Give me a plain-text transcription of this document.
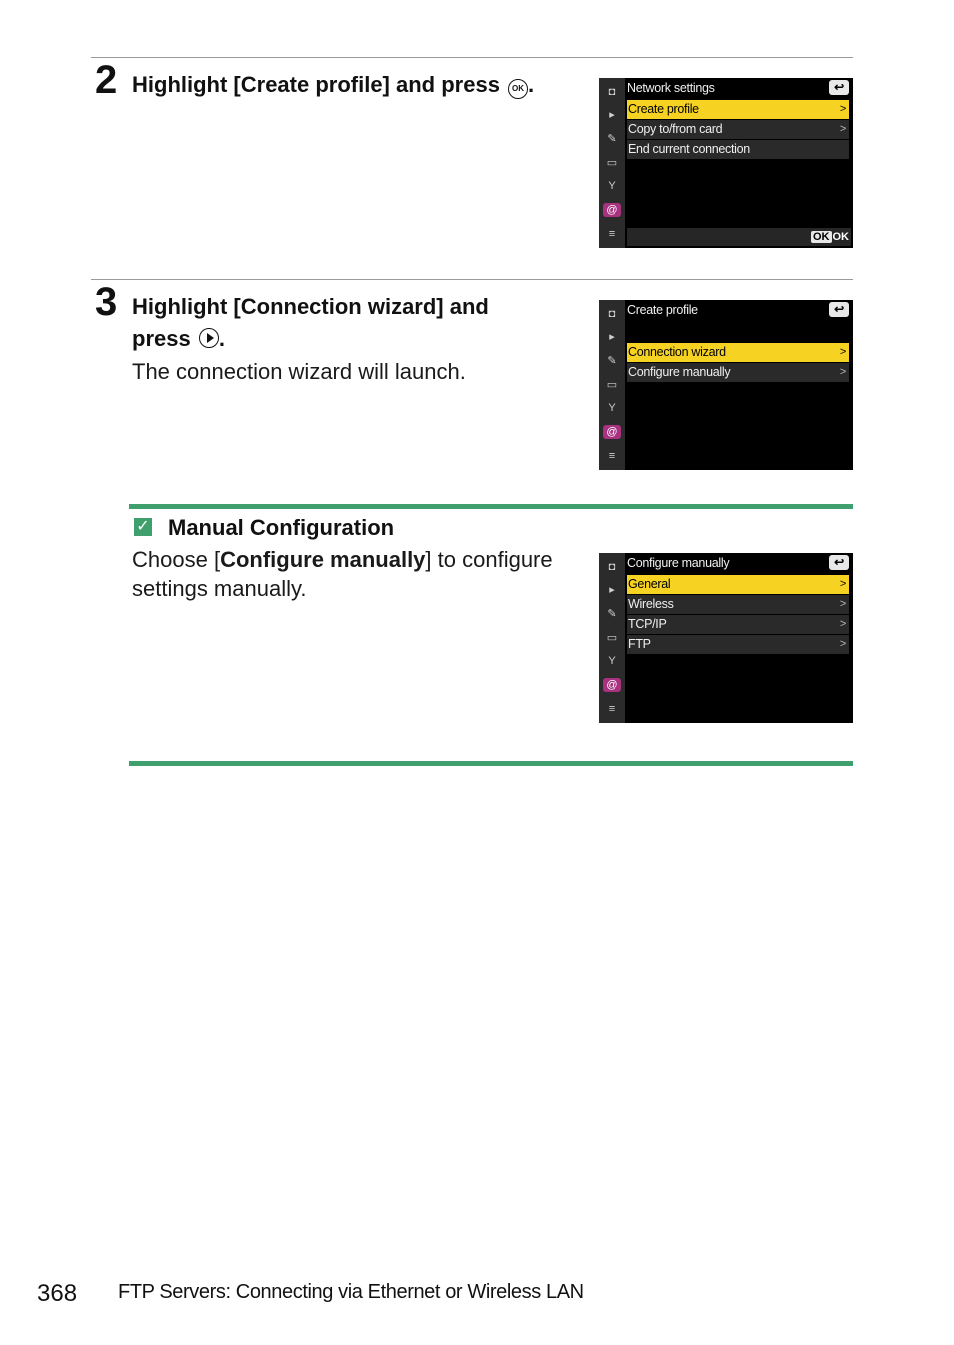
2 Highlight [Create profile] and press OK .	◘
▸
✎
▭
Y
@
≡
Network settings	↩
Create profile	>
Copy to/from card	>
End current connection
OK OK
3 Highlight [Connection wizard] and
press .
The connection wizard will launch.
◘
▸
✎
▭
Y
@
≡
Create profile	↩
Connection wizard	>
Configure manually	>
✓ Manual Configuration
Choose [Configure manually] to configure settings manually.
◘
▸
✎
▭
Y
@
≡
Configure manually	↩
General	>
Wireless	>
TCP/IP	>
FTP	>
368 FTP Servers: Connecting via Ethernet or Wireless LAN
